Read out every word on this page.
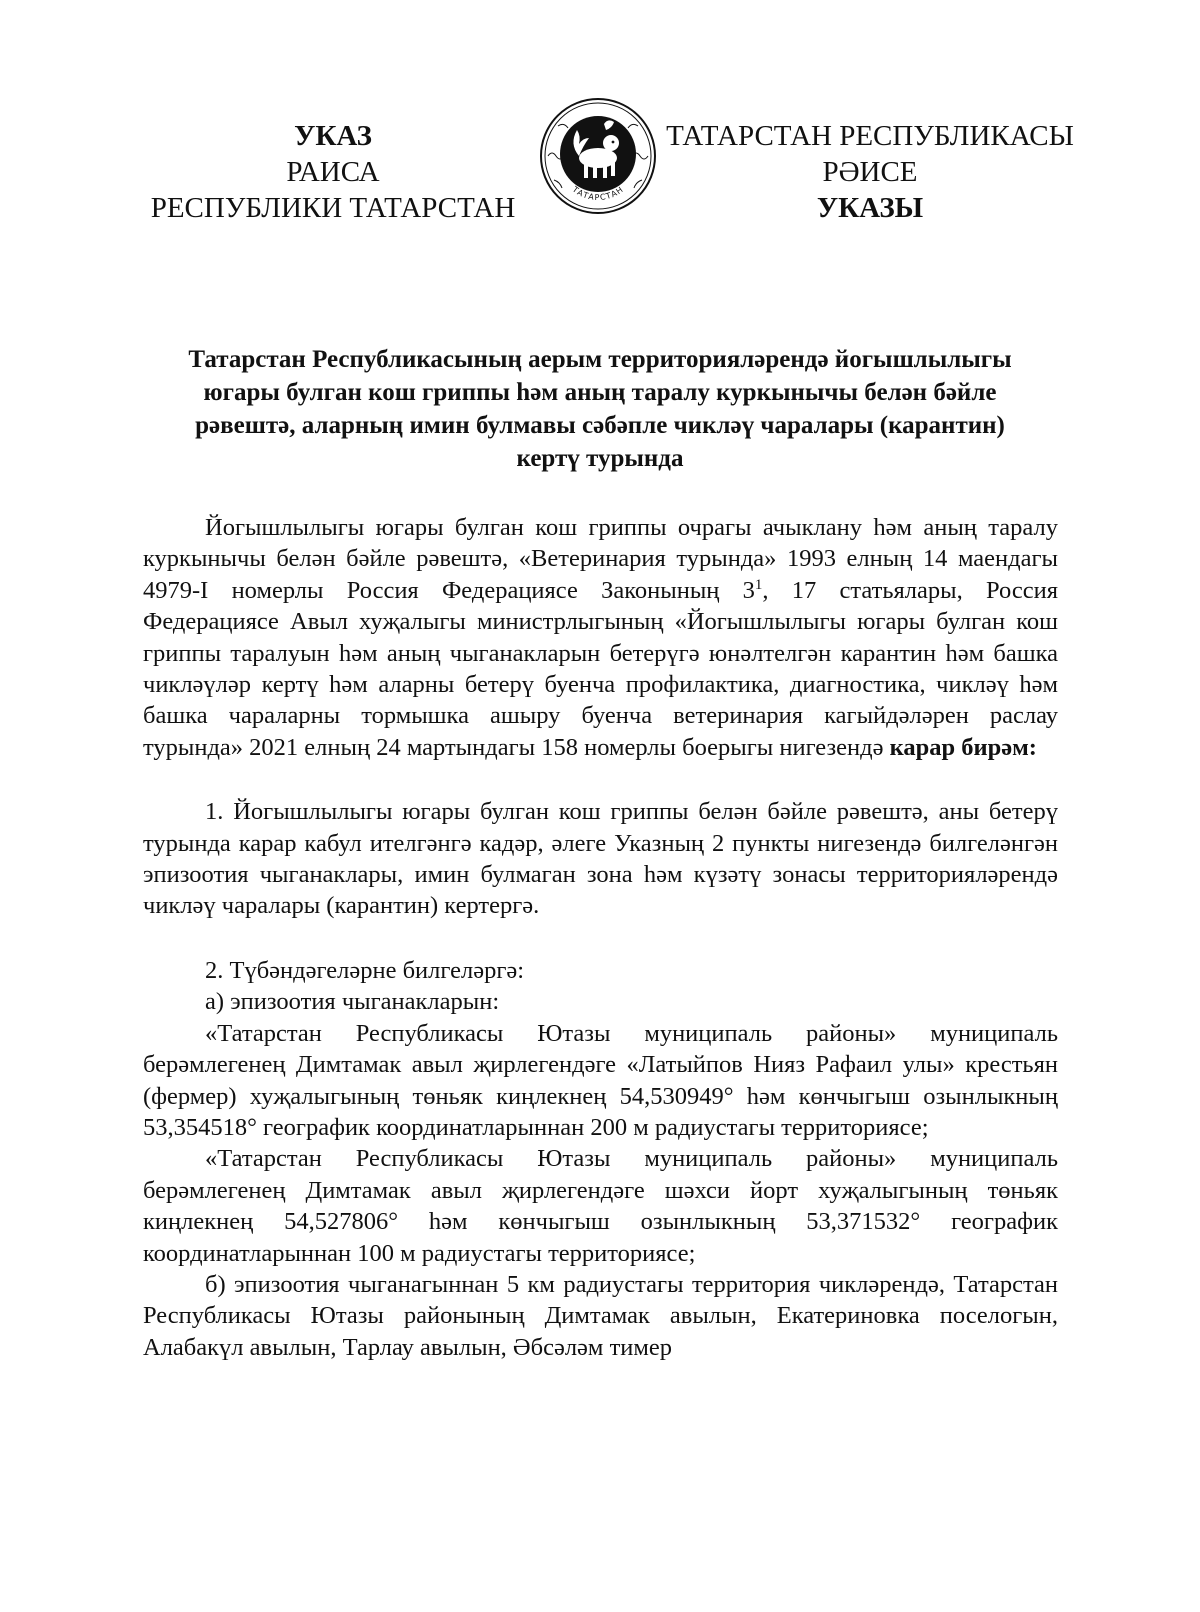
УКАЗ
РАИСА
РЕСПУБЛИКИ ТАТАРСТАН
ТАТАРСТАН
ТАТАРСТАН РЕСПУБЛИКАСЫ
РӘИСЕ
УКАЗЫ
Татарстан Республикасының аерым территорияләрендә йогышлылыгы
югары булган кош гриппы һәм аның таралу куркынычы белән бәйле
рәвештә, аларның имин булмавы сәбәпле чикләү чаралары (карантин)
кертү турында

Йогышлылыгы югары булган кош гриппы очрагы ачыклану һәм аның таралу куркынычы белән бәйле рәвештә, «Ветеринария турында» 1993 елның 14 маендагы 4979-I номерлы Россия Федерациясе Законының $3^1$, 17 статьялары, Россия Федерациясе Авыл хуҗалыгы министрлыгының «Йогышлылыгы югары булган кош гриппы таралуын һәм аның чыганакларын бетерүгә юнәлтелгән карантин һәм башка чикләүләр кертү һәм аларны бетерү буенча профилактика, диагностика, чикләү һәм башка чараларны тормышка ашыру буенча ветеринария кагыйдәләрен раслау турында» 2021 елның 24 мартындагы 158 номерлы боерыгы нигезендә карар бирәм:

1. Йогышлылыгы югары булган кош гриппы белән бәйле рәвештә, аны бетерү турында карар кабул ителгәнгә кадәр, әлеге Указның 2 пункты нигезендә билгеләнгән эпизоотия чыганаклары, имин булмаган зона һәм күзәтү зонасы территорияләрендә чикләү чаралары (карантин) кертергә.

2. Түбәндәгеләрне билгеләргә:

а) эпизоотия чыганакларын:

«Татарстан Республикасы Ютазы муниципаль районы» муниципаль берәмлегенең Димтамак авыл җирлегендәге «Латыйпов Нияз Рафаил улы» крестьян (фермер) хуҗалыгының төньяк киңлекнең 54,530949° һәм көнчыгыш озынлыкның 53,354518° географик координатларыннан 200 м радиустагы территориясе;

«Татарстан Республикасы Ютазы муниципаль районы» муниципаль берәмлегенең Димтамак авыл җирлегендәге шәхси йорт хуҗалыгының төньяк киңлекнең 54,527806° һәм көнчыгыш озынлыкның 53,371532° географик координатларыннан 100 м радиустагы территориясе;

б) эпизоотия чыганагыннан 5 км радиустагы территория чикләрендә, Татарстан Республикасы Ютазы районының Димтамак авылын, Екатериновка поселогын, Алабакүл авылын, Тарлау авылын, Әбсәләм тимер
